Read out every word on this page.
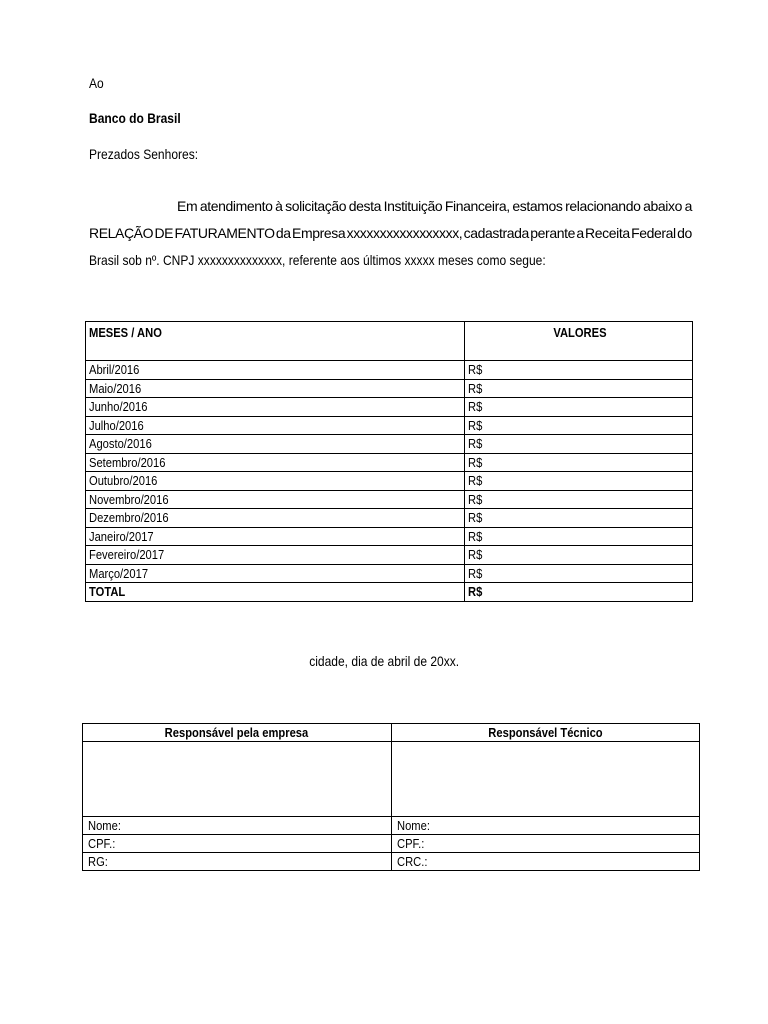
Ao
Banco do Brasil
Prezados Senhores:
Em atendimento à solicitação desta Instituição Financeira, estamos relacionando abaixo a
RELAÇÃO DE FATURAMENTO da Empresa xxxxxxxxxxxxxxxxx, cadastrada perante a Receita Federal do
Brasil sob nº. CNPJ xxxxxxxxxxxxxx, referente aos últimos xxxxx meses como segue:
MESES / ANO	VALORES
Abril/2016	R$
Maio/2016	R$
Junho/2016	R$
Julho/2016	R$
Agosto/2016	R$
Setembro/2016	R$
Outubro/2016	R$
Novembro/2016	R$
Dezembro/2016	R$
Janeiro/2017	R$
Fevereiro/2017	R$
Março/2017	R$
TOTAL	R$
cidade, dia de abril de 20xx.
Responsável pela empresa	Responsável Técnico

Nome:	Nome:
CPF.:	CPF.:
RG:	CRC.:
